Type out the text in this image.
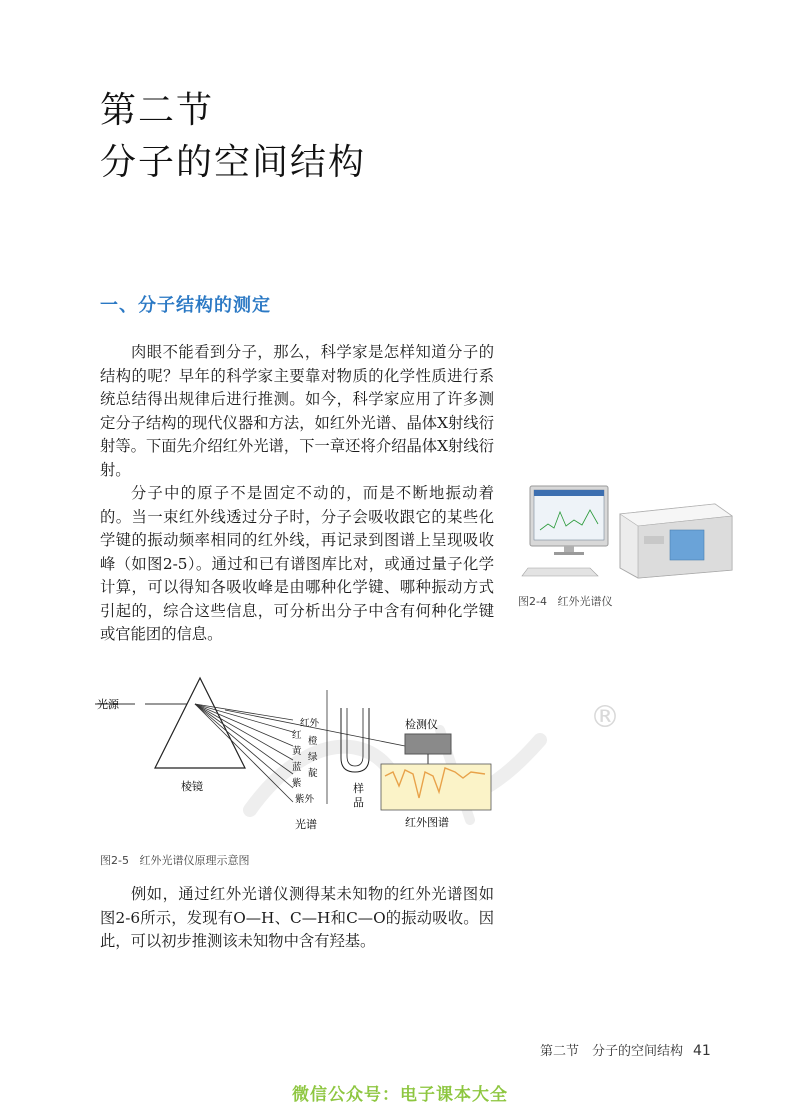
第二节
分子的空间结构
一、分子结构的测定

肉眼不能看到分子，那么，科学家是怎样知道分子的结构的呢？早年的科学家主要靠对物质的化学性质进行系统总结得出规律后进行推测。如今，科学家应用了许多测定分子结构的现代仪器和方法，如红外光谱、晶体X射线衍射等。下面先介绍红外光谱，下一章还将介绍晶体X射线衍射。

分子中的原子不是固定不动的，而是不断地振动着的。当一束红外线透过分子时，分子会吸收跟它的某些化学键的振动频率相同的红外线，再记录到图谱上呈现吸收峰（如图2-5）。通过和已有谱图库比对，或通过量子化学计算，可以得知各吸收峰是由哪种化学键、哪种振动方式引起的，综合这些信息，可分析出分子中含有何种化学键或官能团的信息。

例如，通过红外光谱仪测得某未知物的红外光谱图如图2-6所示，发现有O—H、C—H和C—O的振动吸收。因此，可以初步推测该未知物中含有羟基。

图2-4 红外光谱仪
®
光源
棱镜
红外
红
橙
黄
绿
蓝
靛
紫
紫外
光谱
样
品
检测仪
红外图谱
图2-5 红外光谱仪原理示意图
第二节　分子的空间结构 41
微信公众号：电子课本大全
